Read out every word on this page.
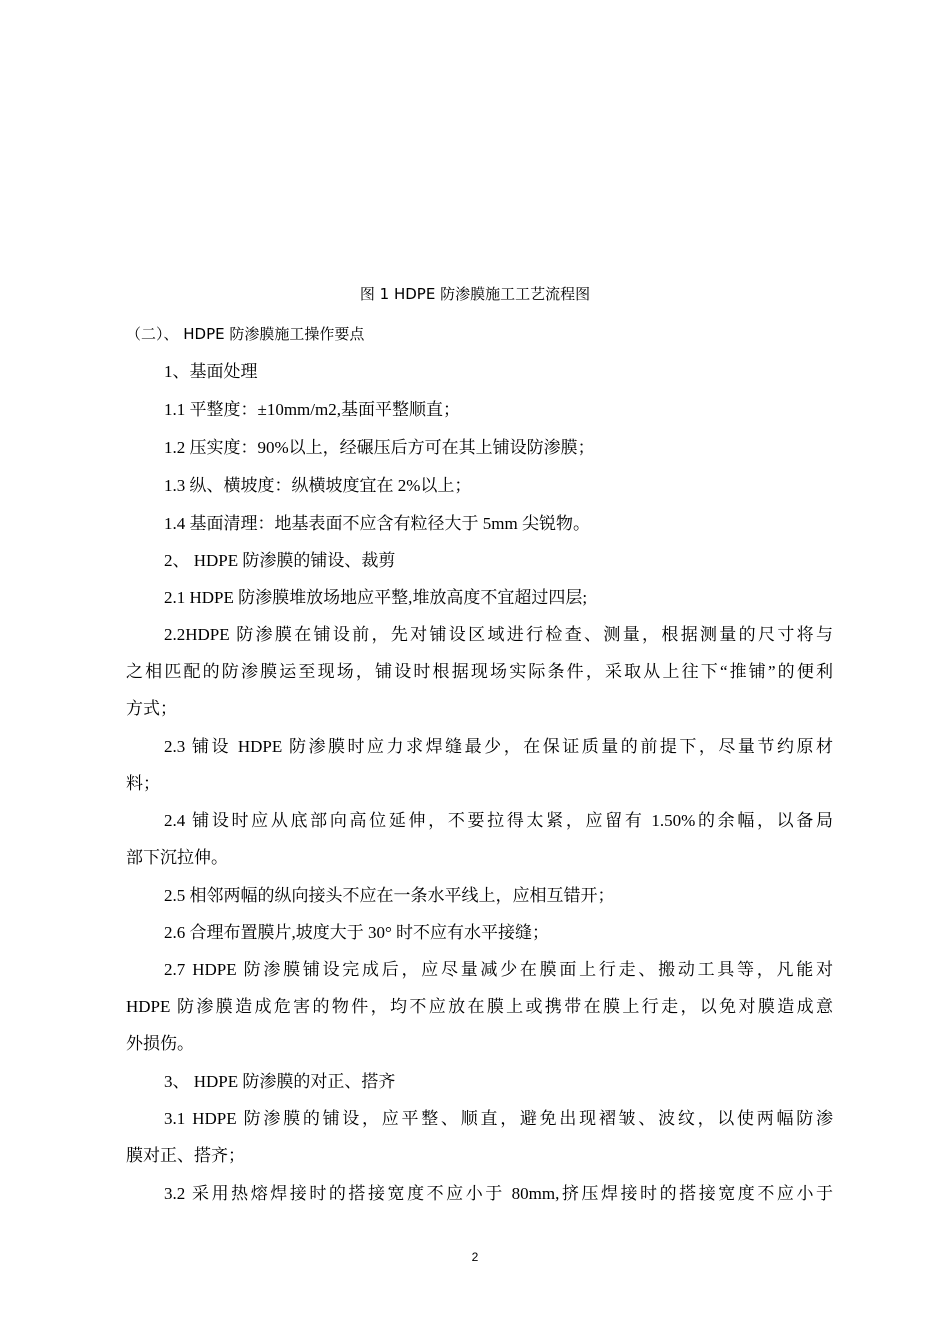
图 1 HDPE 防渗膜施工工艺流程图
（二）、 HDPE 防渗膜施工操作要点
1、基面处理
1.1 平整度：±10mm/m2,基面平整顺直；
1.2 压实度：90%以上，经碾压后方可在其上铺设防渗膜；
1.3 纵、横坡度：纵横坡度宜在 2%以上；
1.4 基面清理：地基表面不应含有粒径大于 5mm 尖锐物。
2、 HDPE 防渗膜的铺设、裁剪
2.1 HDPE 防渗膜堆放场地应平整,堆放高度不宜超过四层;
2.2HDPE 防渗膜在铺设前，先对铺设区域进行检查、测量，根据测量的尺寸将与
之相匹配的防渗膜运至现场，铺设时根据现场实际条件，采取从上往下“推铺”的便利
方式；
2.3 铺设 HDPE 防渗膜时应力求焊缝最少，在保证质量的前提下，尽量节约原材
料；
2.4 铺设时应从底部向高位延伸，不要拉得太紧，应留有 1.50%的余幅，以备局
部下沉拉伸。
2.5 相邻两幅的纵向接头不应在一条水平线上，应相互错开；
2.6 合理布置膜片,坡度大于 30° 时不应有水平接缝；
2.7 HDPE 防渗膜铺设完成后，应尽量减少在膜面上行走、搬动工具等，凡能对
HDPE 防渗膜造成危害的物件，均不应放在膜上或携带在膜上行走，以免对膜造成意
外损伤。
3、 HDPE 防渗膜的对正、搭齐
3.1 HDPE 防渗膜的铺设，应平整、顺直，避免出现褶皱、波纹，以使两幅防渗
膜对正、搭齐；
3.2 采用热熔焊接时的搭接宽度不应小于 80mm,挤压焊接时的搭接宽度不应小于
2
